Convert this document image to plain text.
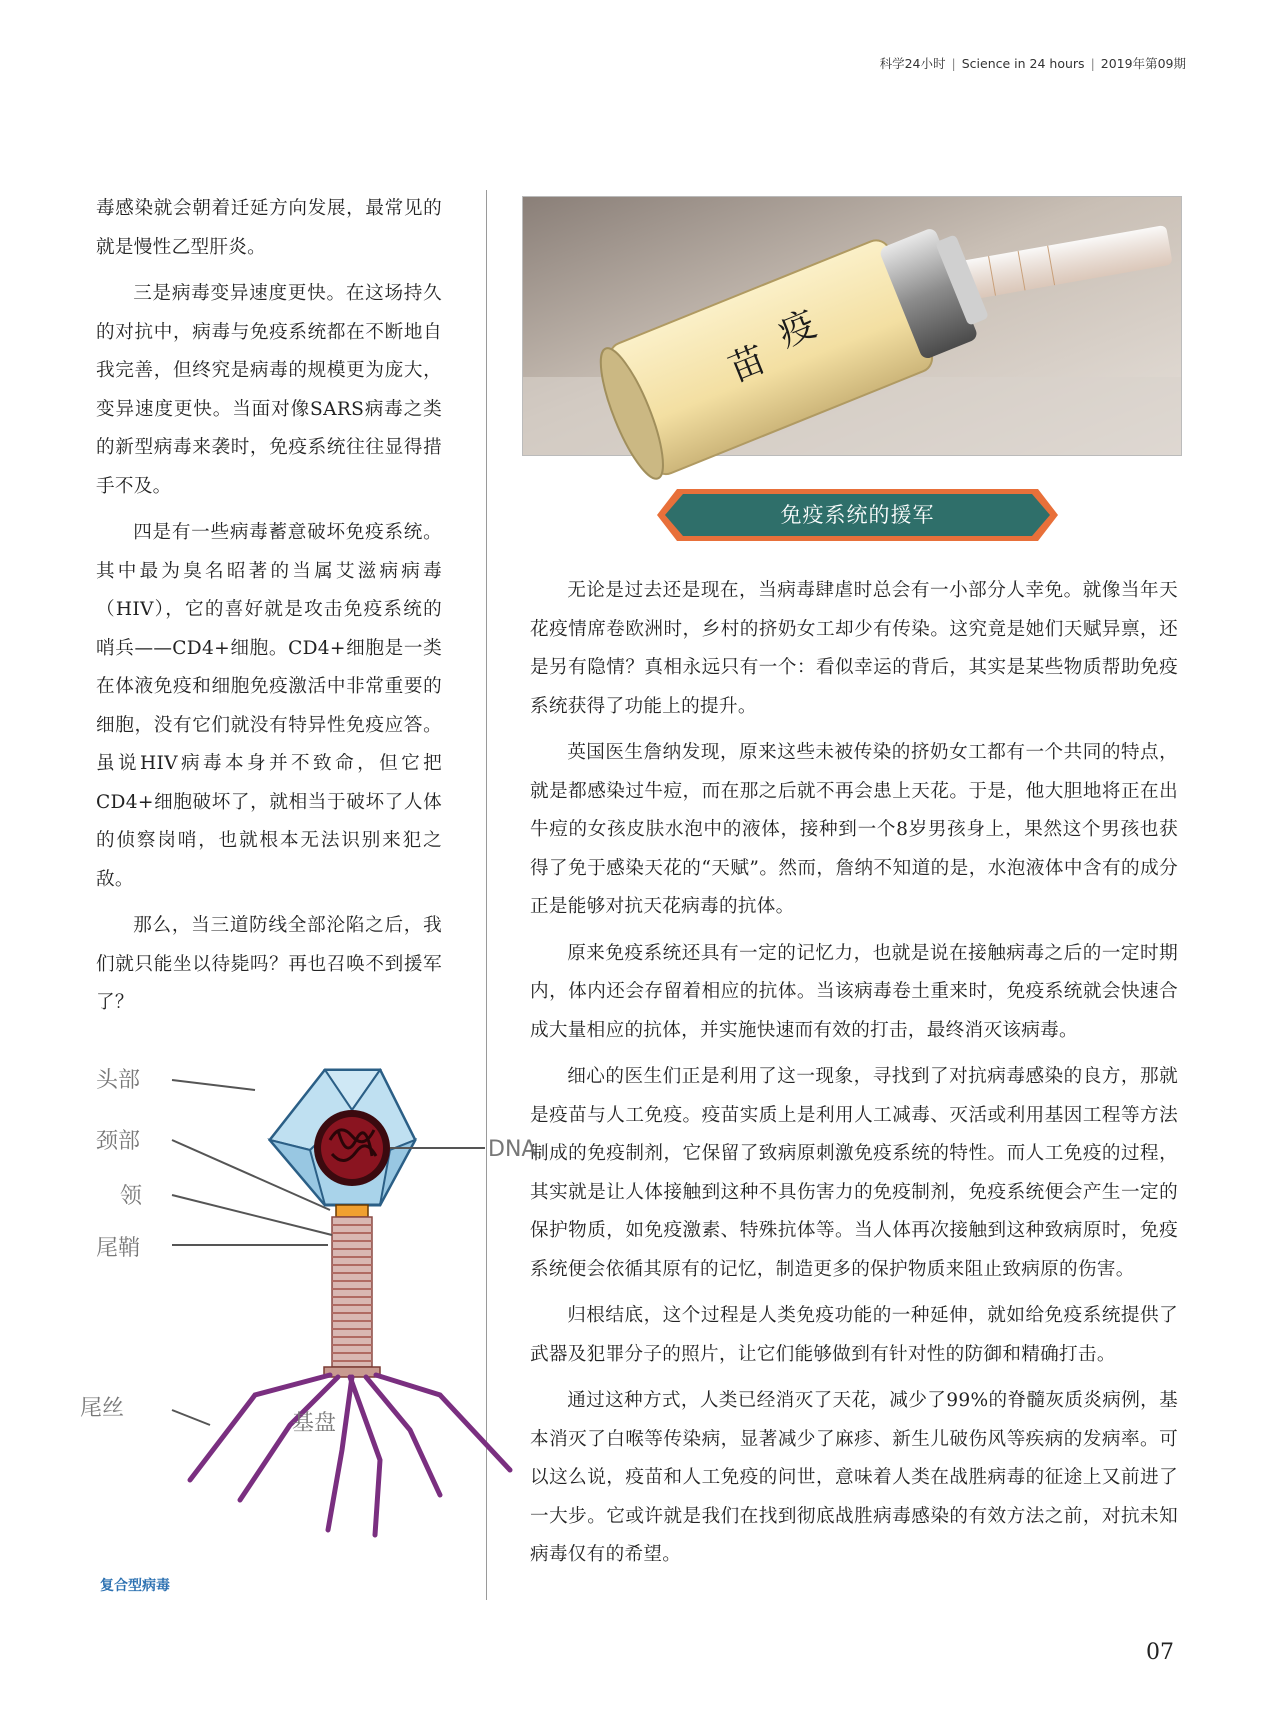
科学24小时 | Science in 24 hours | 2019年第09期

毒感染就会朝着迁延方向发展，最常见的就是慢性乙型肝炎。

三是病毒变异速度更快。在这场持久的对抗中，病毒与免疫系统都在不断地自我完善，但终究是病毒的规模更为庞大，变异速度更快。当面对像SARS病毒之类的新型病毒来袭时，免疫系统往往显得措手不及。

四是有一些病毒蓄意破坏免疫系统。其中最为臭名昭著的当属艾滋病病毒（HIV），它的喜好就是攻击免疫系统的哨兵——CD4+细胞。CD4+细胞是一类在体液免疫和细胞免疫激活中非常重要的细胞，没有它们就没有特异性免疫应答。虽说HIV病毒本身并不致命，但它把CD4+细胞破坏了，就相当于破坏了人体的侦察岗哨，也就根本无法识别来犯之敌。

那么，当三道防线全部沦陷之后，我们就只能坐以待毙吗？再也召唤不到援军了？

疫
苗
免疫系统的援军

无论是过去还是现在，当病毒肆虐时总会有一小部分人幸免。就像当年天花疫情席卷欧洲时，乡村的挤奶女工却少有传染。这究竟是她们天赋异禀，还是另有隐情？真相永远只有一个：看似幸运的背后，其实是某些物质帮助免疫系统获得了功能上的提升。

英国医生詹纳发现，原来这些未被传染的挤奶女工都有一个共同的特点，就是都感染过牛痘，而在那之后就不再会患上天花。于是，他大胆地将正在出牛痘的女孩皮肤水泡中的液体，接种到一个8岁男孩身上，果然这个男孩也获得了免于感染天花的“天赋”。然而，詹纳不知道的是，水泡液体中含有的成分正是能够对抗天花病毒的抗体。

原来免疫系统还具有一定的记忆力，也就是说在接触病毒之后的一定时期内，体内还会存留着相应的抗体。当该病毒卷土重来时，免疫系统就会快速合成大量相应的抗体，并实施快速而有效的打击，最终消灭该病毒。

细心的医生们正是利用了这一现象，寻找到了对抗病毒感染的良方，那就是疫苗与人工免疫。疫苗实质上是利用人工减毒、灭活或利用基因工程等方法制成的免疫制剂，它保留了致病原刺激免疫系统的特性。而人工免疫的过程，其实就是让人体接触到这种不具伤害力的免疫制剂，免疫系统便会产生一定的保护物质，如免疫激素、特殊抗体等。当人体再次接触到这种致病原时，免疫系统便会依循其原有的记忆，制造更多的保护物质来阻止致病原的伤害。

归根结底，这个过程是人类免疫功能的一种延伸，就如给免疫系统提供了武器及犯罪分子的照片，让它们能够做到有针对性的防御和精确打击。

通过这种方式，人类已经消灭了天花，减少了99%的脊髓灰质炎病例，基本消灭了白喉等传染病，显著减少了麻疹、新生儿破伤风等疾病的发病率。可以这么说，疫苗和人工免疫的问世，意味着人类在战胜病毒的征途上又前进了一大步。它或许就是我们在找到彻底战胜病毒感染的有效方法之前，对抗未知病毒仅有的希望。

头部
DNA
颈部
领
尾鞘
尾丝
基盘
复合型病毒
07
